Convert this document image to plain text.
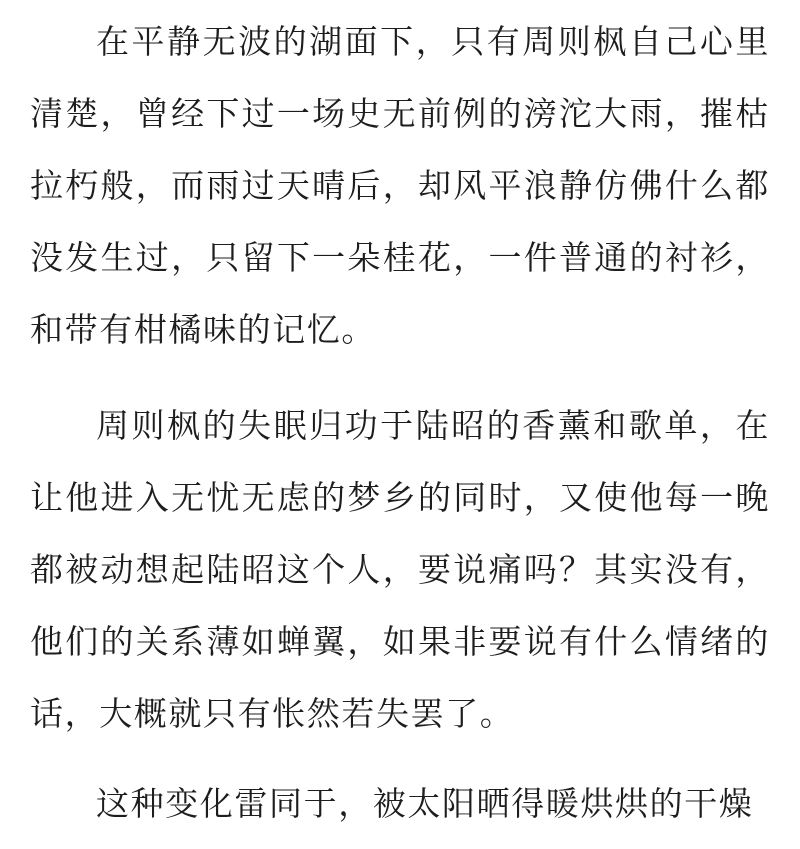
在平静无波的湖面下，只有周则枫自己心里清楚，曾经下过一场史无前例的滂沱大雨，摧枯拉朽般，而雨过天晴后，却风平浪静仿佛什么都没发生过，只留下一朵桂花，一件普通的衬衫，和带有柑橘味的记忆。

周则枫的失眠归功于陆昭的香薰和歌单，在让他进入无忧无虑的梦乡的同时，又使他每一晚都被动想起陆昭这个人，要说痛吗？其实没有，他们的关系薄如蝉翼，如果非要说有什么情绪的话，大概就只有怅然若失罢了。

这种变化雷同于，被太阳晒得暖烘烘的干燥
